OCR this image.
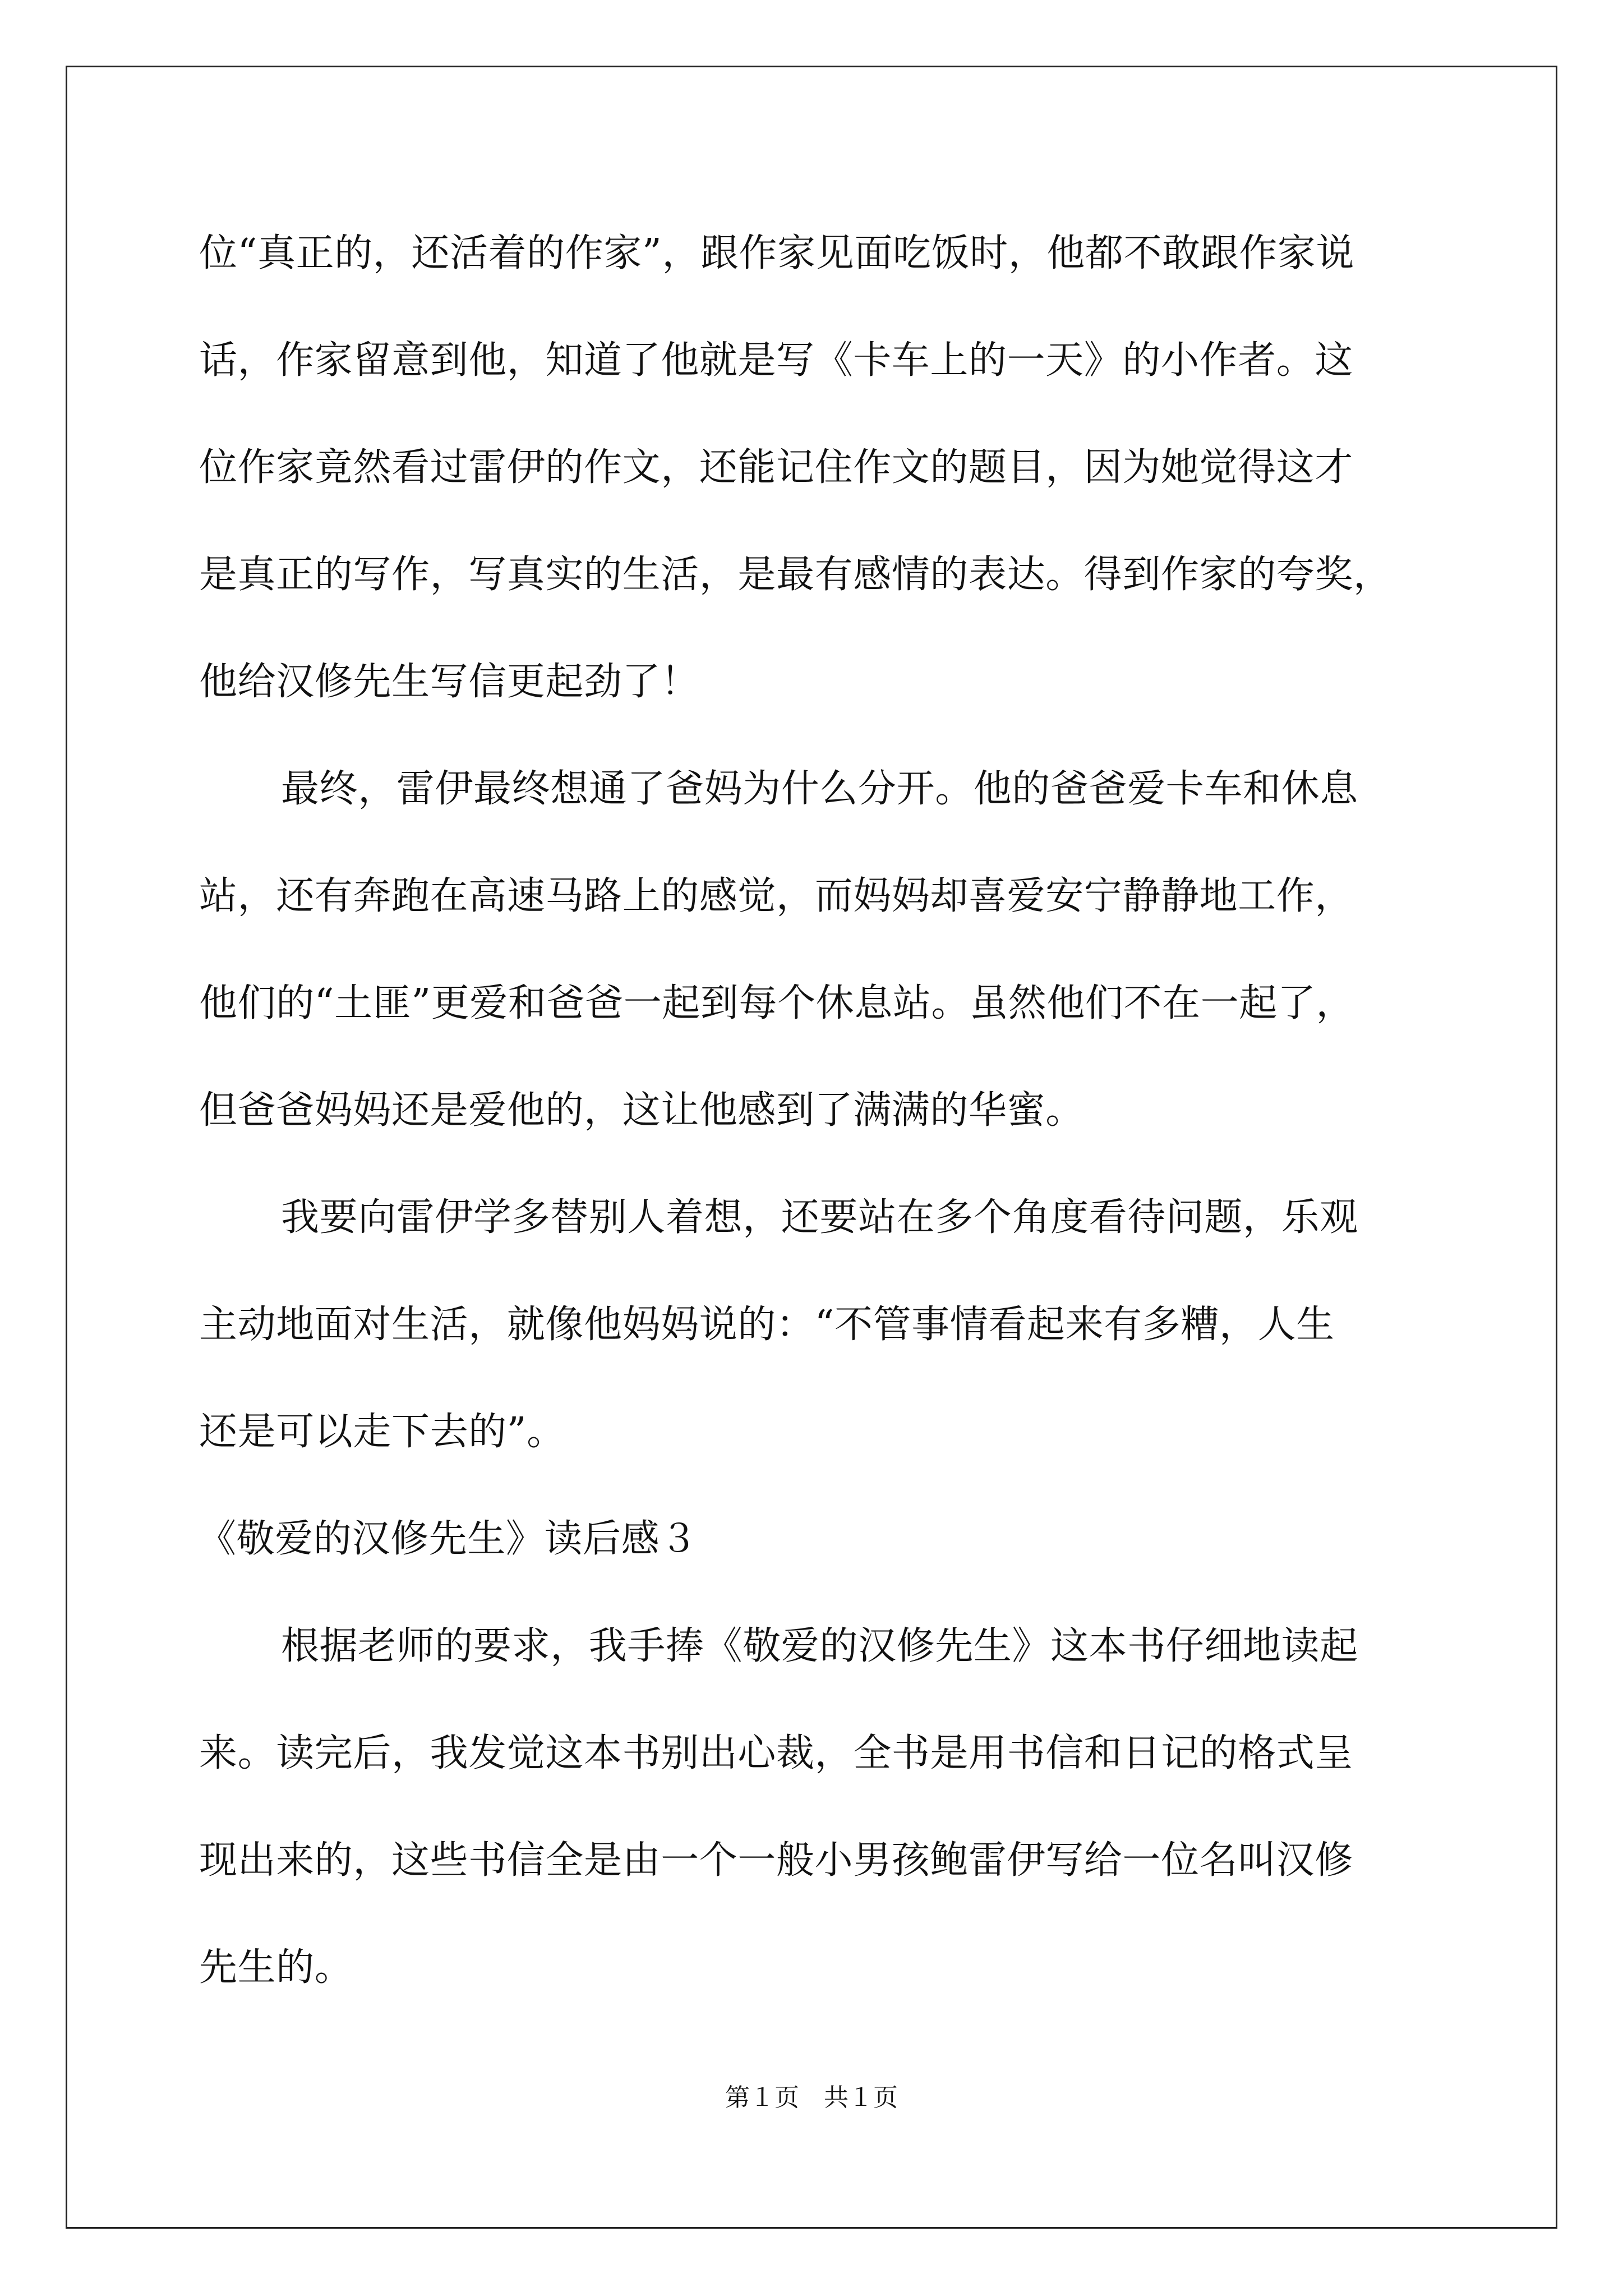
位“真正的，还活着的作家”，跟作家见面吃饭时，他都不敢跟作家说
话，作家留意到他，知道了他就是写《卡车上的一天》的小作者。这
位作家竟然看过雷伊的作文，还能记住作文的题目，因为她觉得这才
是真正的写作，写真实的生活，是最有感情的表达。得到作家的夸奖，
他给汉修先生写信更起劲了！
最终，雷伊最终想通了爸妈为什么分开。他的爸爸爱卡车和休息
站，还有奔跑在高速马路上的感觉，而妈妈却喜爱安宁静静地工作，
他们的“土匪”更爱和爸爸一起到每个休息站。虽然他们不在一起了，
但爸爸妈妈还是爱他的，这让他感到了满满的华蜜。
我要向雷伊学多替别人着想，还要站在多个角度看待问题，乐观
主动地面对生活，就像他妈妈说的：“不管事情看起来有多糟，人生
还是可以走下去的”。
《敬爱的汉修先生》读后感３
根据老师的要求，我手捧《敬爱的汉修先生》这本书仔细地读起
来。读完后，我发觉这本书别出心裁，全书是用书信和日记的格式呈
现出来的，这些书信全是由一个一般小男孩鲍雷伊写给一位名叫汉修
先生的。
第１页　共１页
